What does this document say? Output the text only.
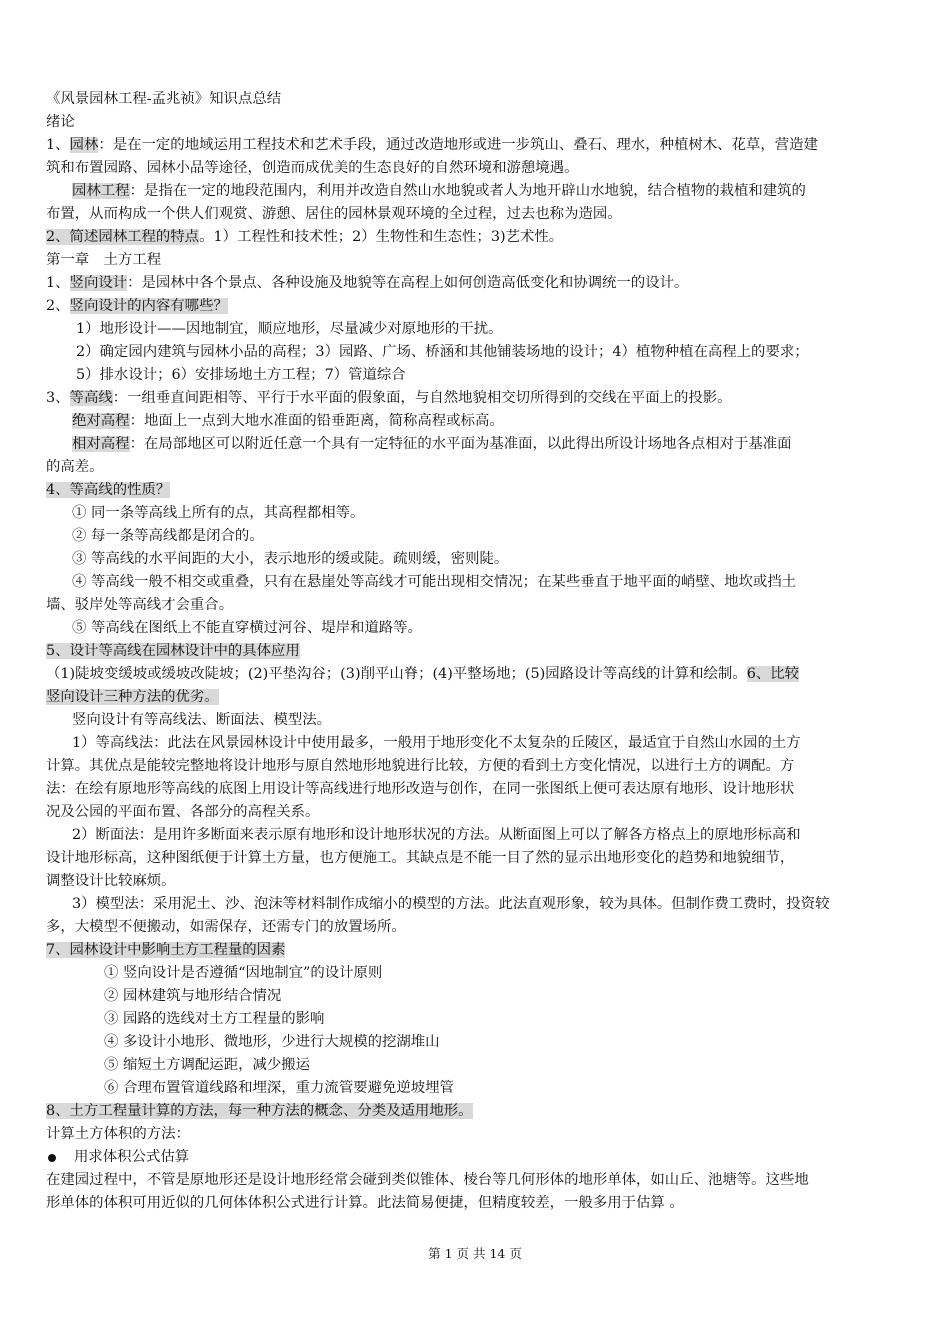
《风景园林工程-孟兆祯》知识点总结
绪论
1、园林：是在一定的地域运用工程技术和艺术手段，通过改造地形或进一步筑山、叠石、理水，种植树木、花草，营造建
筑和布置园路、园林小品等途径，创造而成优美的生态良好的自然环境和游憩境遇。
园林工程：是指在一定的地段范围内，利用并改造自然山水地貌或者人为地开辟山水地貌，结合植物的栽植和建筑的
布置，从而构成一个供人们观赏、游憩、居住的园林景观环境的全过程，过去也称为造园。
2、简述园林工程的特点。1）工程性和技术性；2）生物性和生态性；3)艺术性。
第一章　土方工程
1、竖向设计：是园林中各个景点、各种设施及地貌等在高程上如何创造高低变化和协调统一的设计。
2、竖向设计的内容有哪些？
1）地形设计——因地制宜，顺应地形，尽量减少对原地形的干扰。
2）确定园内建筑与园林小品的高程；3）园路、广场、桥涵和其他铺装场地的设计；4）植物种植在高程上的要求；
5）排水设计；6）安排场地土方工程；7）管道综合
3、等高线：一组垂直间距相等、平行于水平面的假象面，与自然地貌相交切所得到的交线在平面上的投影。
绝对高程：地面上一点到大地水准面的铅垂距离，简称高程或标高。
相对高程：在局部地区可以附近任意一个具有一定特征的水平面为基准面，以此得出所设计场地各点相对于基准面
的高差。
4、等高线的性质？
① 同一条等高线上所有的点，其高程都相等。
② 每一条等高线都是闭合的。
③ 等高线的水平间距的大小，表示地形的缓或陡。疏则缓，密则陡。
④ 等高线一般不相交或重叠，只有在悬崖处等高线才可能出现相交情况；在某些垂直于地平面的峭壁、地坎或挡土
墙、驳岸处等高线才会重合。
⑤ 等高线在图纸上不能直穿横过河谷、堤岸和道路等。
5、设计等高线在园林设计中的具体应用
（1)陡坡变缓坡或缓坡改陡坡；(2)平垫沟谷；(3)削平山脊；(4)平整场地；(5)园路设计等高线的计算和绘制。6、比较
竖向设计三种方法的优劣。
竖向设计有等高线法、断面法、模型法。
1）等高线法：此法在风景园林设计中使用最多，一般用于地形变化不太复杂的丘陵区，最适宜于自然山水园的土方
计算。其优点是能较完整地将设计地形与原自然地形地貌进行比较，方便的看到土方变化情况，以进行土方的调配。方
法：在绘有原地形等高线的底图上用设计等高线进行地形改造与创作，在同一张图纸上便可表达原有地形、设计地形状
况及公园的平面布置、各部分的高程关系。
2）断面法：是用许多断面来表示原有地形和设计地形状况的方法。从断面图上可以了解各方格点上的原地形标高和
设计地形标高，这种图纸便于计算土方量，也方便施工。其缺点是不能一目了然的显示出地形变化的趋势和地貌细节，
调整设计比较麻烦。
3）模型法：采用泥土、沙、泡沫等材料制作成缩小的模型的方法。此法直观形象，较为具体。但制作费工费时，投资较
多，大模型不便搬动，如需保存，还需专门的放置场所。
7、园林设计中影响土方工程量的因素
① 竖向设计是否遵循“因地制宜”的设计原则
② 园林建筑与地形结合情况
③ 园路的选线对土方工程量的影响
④ 多设计小地形、微地形，少进行大规模的挖湖堆山
⑤ 缩短土方调配运距，减少搬运
⑥ 合理布置管道线路和埋深，重力流管要避免逆坡埋管
8、土方工程量计算的方法，每一种方法的概念、分类及适用地形。
计算土方体积的方法：
用求体积公式估算
在建园过程中，不管是原地形还是设计地形经常会碰到类似锥体、棱台等几何形体的地形单体，如山丘、池塘等。这些地
形单体的体积可用近似的几何体体积公式进行计算。此法简易便捷，但精度较差，一般多用于估算 。
第 1 页 共 14 页
